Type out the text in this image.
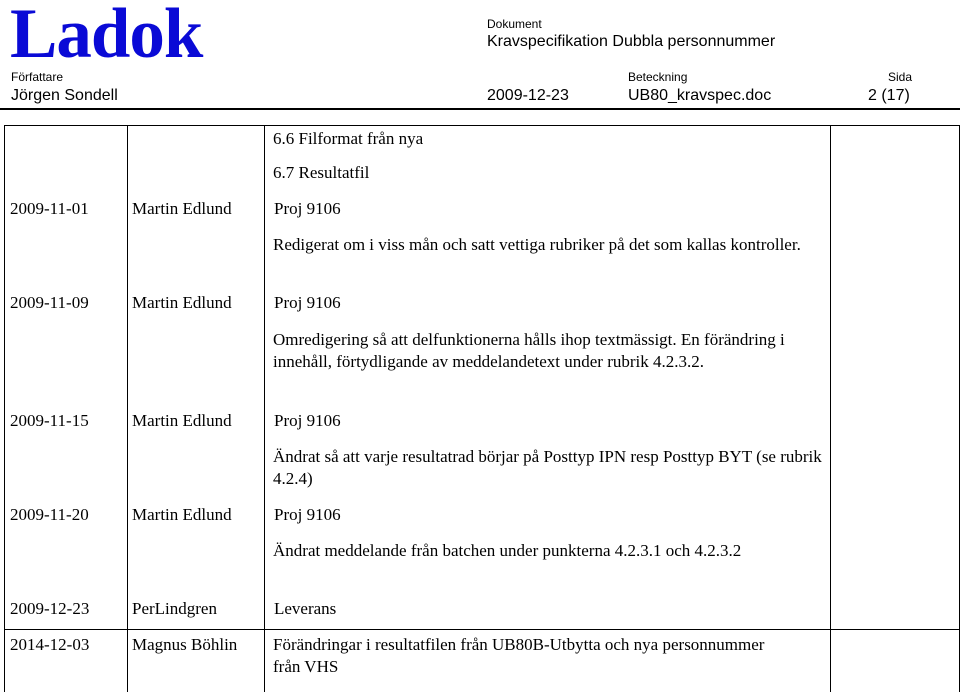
Ladok	Dokument
Kravspecifikation Dubbla personnummer
Författare
Jörgen Sondell	2009-12-23
Beteckning
UB80_kravspec.doc
Sida
2 (17)
6.6 Filformat från nya
6.7 Resultatfil
2009-11-01	Martin Edlund Proj 9106
Redigerat om i viss mån och satt vettiga rubriker på det som kallas kontroller.
2009-11-09	Martin Edlund Proj 9106
Omredigering så att delfunktionerna hålls ihop textmässigt. En förändring i innehåll, förtydligande av meddelandetext under rubrik 4.2.3.2.
2009-11-15	Martin Edlund Proj 9106
Ändrat så att varje resultatrad börjar på Posttyp IPN resp Posttyp BYT (se rubrik 4.2.4)
2009-11-20	Martin Edlund Proj 9106
Ändrat meddelande från batchen under punkterna 4.2.3.1 och 4.2.3.2
2009-12-23	PerLindgren	Leverans
2014-12-03	Magnus Böhlin Förändringar i resultatfilen från UB80B-Utbytta och nya personnummer från VHS
